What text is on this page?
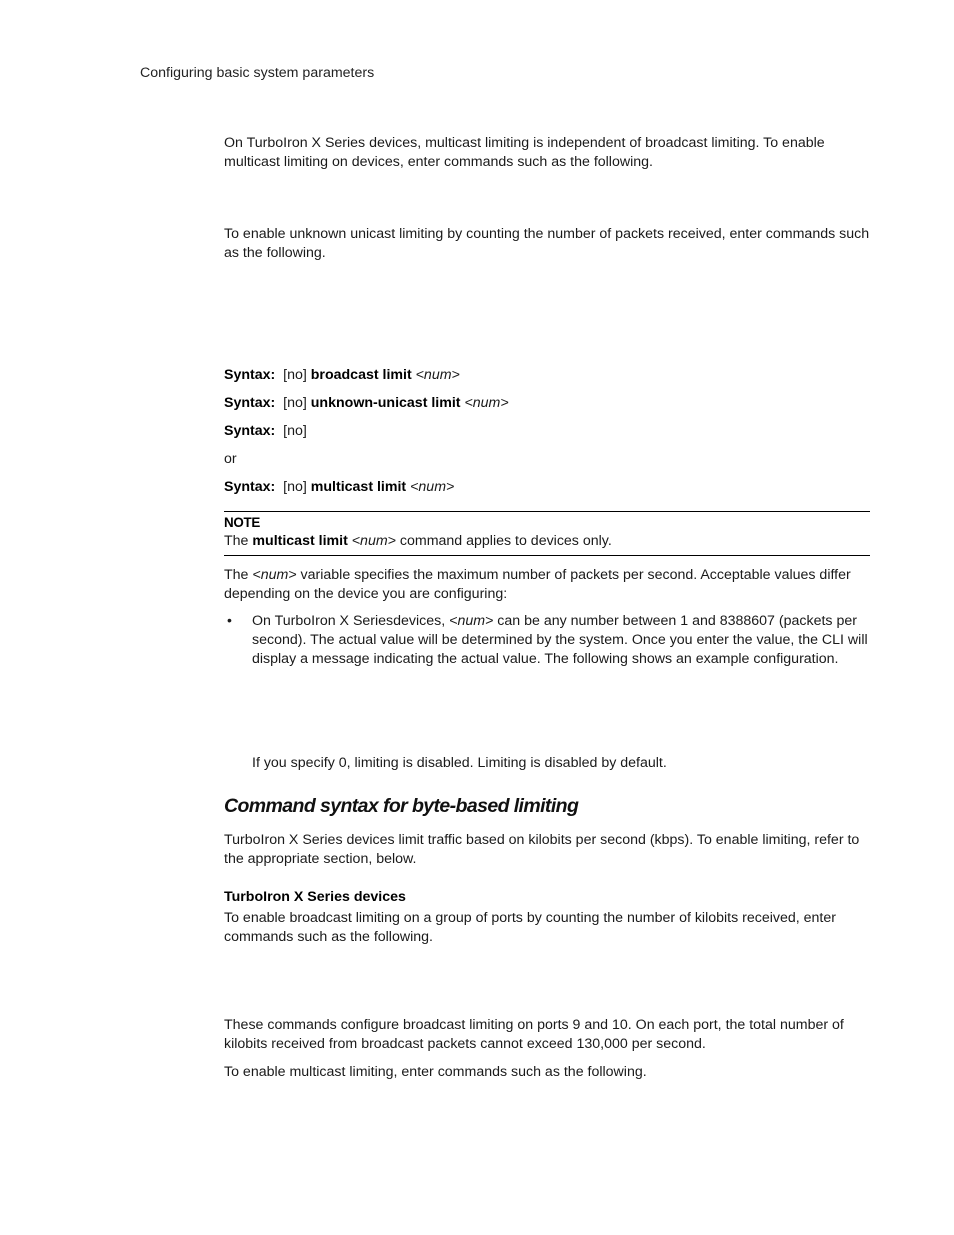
Configuring basic system parameters

On TurboIron X Series devices, multicast limiting is independent of broadcast limiting. To enable multicast limiting on devices, enter commands such as the following.

To enable unknown unicast limiting by counting the number of packets received, enter commands such as the following.

Syntax: [no] broadcast limit <num>
Syntax: [no] unknown-unicast limit <num>
Syntax: [no]
or
Syntax: [no] multicast limit <num>
NOTE
The multicast limit <num> command applies to devices only.

The <num> variable specifies the maximum number of packets per second. Acceptable values differ depending on the device you are configuring:

• On TurboIron X Seriesdevices, <num> can be any number between 1 and 8388607 (packets per second). The actual value will be determined by the system. Once you enter the value, the CLI will display a message indicating the actual value. The following shows an example configuration.

If you specify 0, limiting is disabled. Limiting is disabled by default.
Command syntax for byte-based limiting

TurboIron X Series devices limit traffic based on kilobits per second (kbps). To enable limiting, refer to the appropriate section, below.

TurboIron X Series devices

To enable broadcast limiting on a group of ports by counting the number of kilobits received, enter commands such as the following.

These commands configure broadcast limiting on ports 9 and 10. On each port, the total number of kilobits received from broadcast packets cannot exceed 130,000 per second.

To enable multicast limiting, enter commands such as the following.
